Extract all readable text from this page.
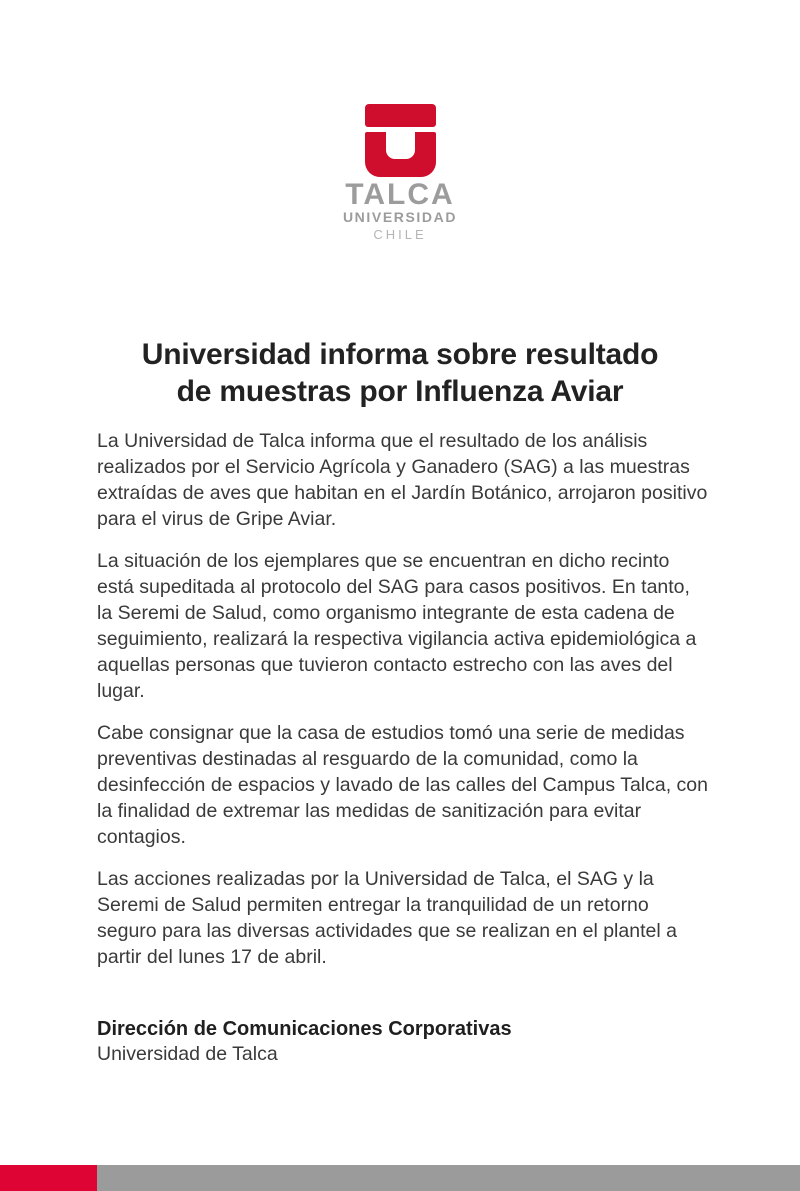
TALCA
UNIVERSIDAD
CHILE
Universidad informa sobre resultado
de muestras por Influenza Aviar

La Universidad de Talca informa que el resultado de los análisis realizados por el Servicio Agrícola y Ganadero (SAG) a las muestras extraídas de aves que habitan en el Jardín Botánico, arrojaron positivo para el virus de Gripe Aviar.

La situación de los ejemplares que se encuentran en dicho recinto está supeditada al protocolo del SAG para casos positivos. En tanto, la Seremi de Salud, como organismo integrante de esta cadena de seguimiento, realizará la respectiva vigilancia activa epidemiológica a aquellas personas que tuvieron contacto estrecho con las aves del lugar.

Cabe consignar que la casa de estudios tomó una serie de medidas preventivas destinadas al resguardo de la comunidad, como la desinfección de espacios y lavado de las calles del Campus Talca, con la finalidad de extremar las medidas de sanitización para evitar contagios.

Las acciones realizadas por la Universidad de Talca, el SAG y la Seremi de Salud permiten entregar la tranquilidad de un retorno seguro para las diversas actividades que se realizan en el plantel a partir del lunes 17 de abril.

Dirección de Comunicaciones Corporativas
Universidad de Talca
